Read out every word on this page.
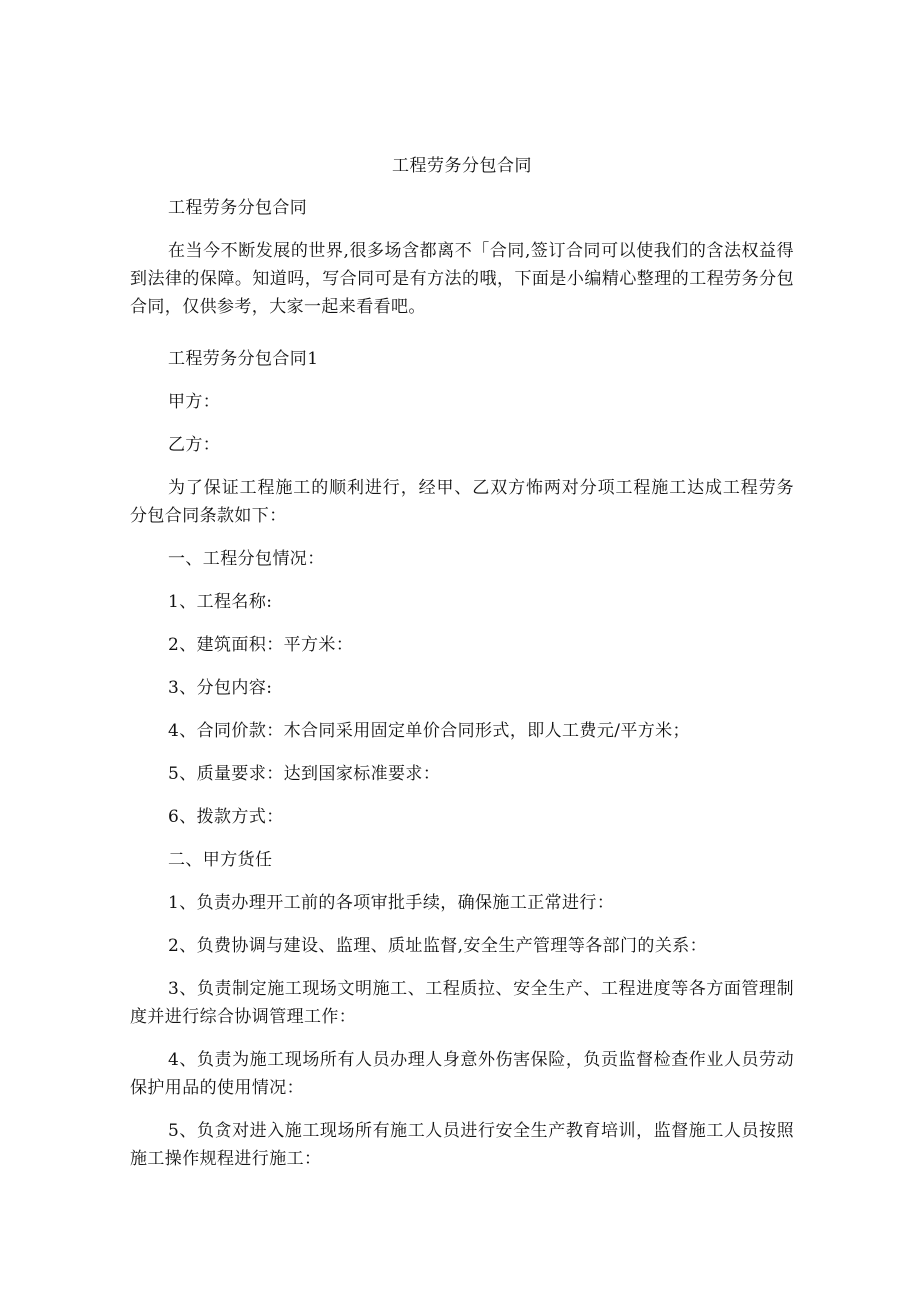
工程劳务分包合同

工程劳务分包合同

在当今不断发展的世界,很多场含都离不「合同,签订合同可以使我们的含法权益得到法律的保障。知道吗，写合同可是有方法的哦，下面是小编精心整理的工程劳务分包合同，仅供参考，大家一起来看看吧。

工程劳务分包合同1

甲方：

乙方：

为了保证工程施工的顺利进行，经甲、乙双方怖两对分项工程施工达成工程劳务分包合同条款如下：

一、工程分包情况：

1、工程名称:

2、建筑面积：平方米：

3、分包内容:

4、合同价款：木合同采用固定单价合同形式，即人工费元/平方米；

5、质量要求：达到国家标准要求：

6、拨款方式：

二、甲方货任

1、负责办理开工前的各项审批手续，确保施工正常进行：

2、负费协调与建设、监理、质址监督,安全生产管理等各部门的关系：

3、负责制定施工现场文明施工、工程质拉、安全生产、工程进度等各方面管理制度并进行综合协调管理工作：

4、负责为施工现场所有人员办理人身意外伤害保险，负贡监督检查作业人员劳动保护用品的使用情况：

5、负贪对进入施工现场所有施工人员进行安全生产教育培训，监督施工人员按照施工操作规程进行施工：
